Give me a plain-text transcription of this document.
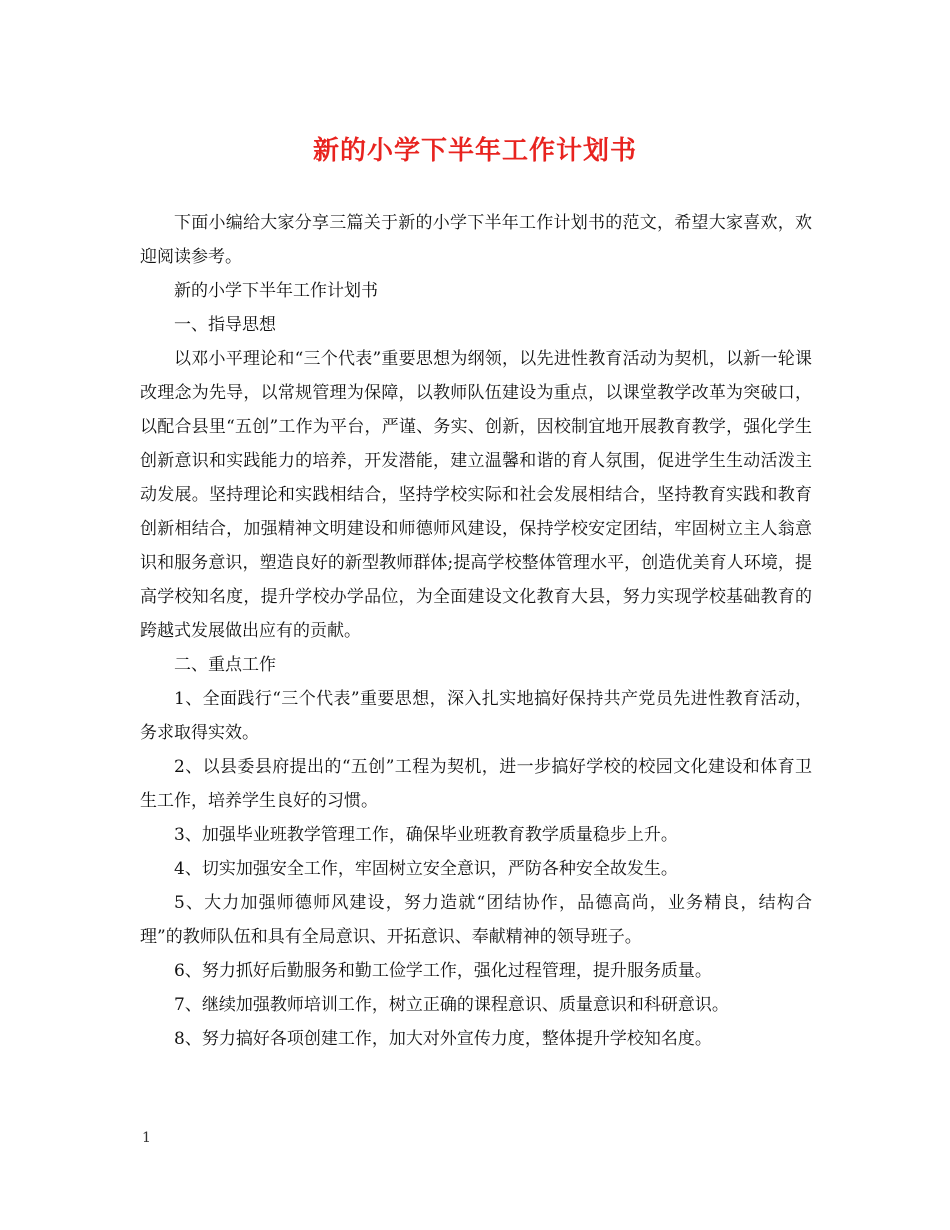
新的小学下半年工作计划书

下面小编给大家分享三篇关于新的小学下半年工作计划书的范文，希望大家喜欢，欢迎阅读参考。

新的小学下半年工作计划书

一、指导思想

以邓小平理论和“三个代表”重要思想为纲领，以先进性教育活动为契机，以新一轮课改理念为先导，以常规管理为保障，以教师队伍建设为重点，以课堂教学改革为突破口，以配合县里“五创”工作为平台，严谨、务实、创新，因校制宜地开展教育教学，强化学生创新意识和实践能力的培养，开发潜能，建立温馨和谐的育人氛围，促进学生生动活泼主动发展。坚持理论和实践相结合，坚持学校实际和社会发展相结合，坚持教育实践和教育创新相结合，加强精神文明建设和师德师风建设，保持学校安定团结，牢固树立主人翁意识和服务意识，塑造良好的新型教师群体;提高学校整体管理水平，创造优美育人环境，提高学校知名度，提升学校办学品位，为全面建设文化教育大县，努力实现学校基础教育的跨越式发展做出应有的贡献。

二、重点工作

1、全面践行“三个代表”重要思想，深入扎实地搞好保持共产党员先进性教育活动，务求取得实效。

2、以县委县府提出的“五创”工程为契机，进一步搞好学校的校园文化建设和体育卫生工作，培养学生良好的习惯。

3、加强毕业班教学管理工作，确保毕业班教育教学质量稳步上升。

4、切实加强安全工作，牢固树立安全意识，严防各种安全故发生。

5、大力加强师德师风建设，努力造就“团结协作，品德高尚，业务精良，结构合理”的教师队伍和具有全局意识、开拓意识、奉献精神的领导班子。

6、努力抓好后勤服务和勤工俭学工作，强化过程管理，提升服务质量。

7、继续加强教师培训工作，树立正确的课程意识、质量意识和科研意识。

8、努力搞好各项创建工作，加大对外宣传力度，整体提升学校知名度。

1
